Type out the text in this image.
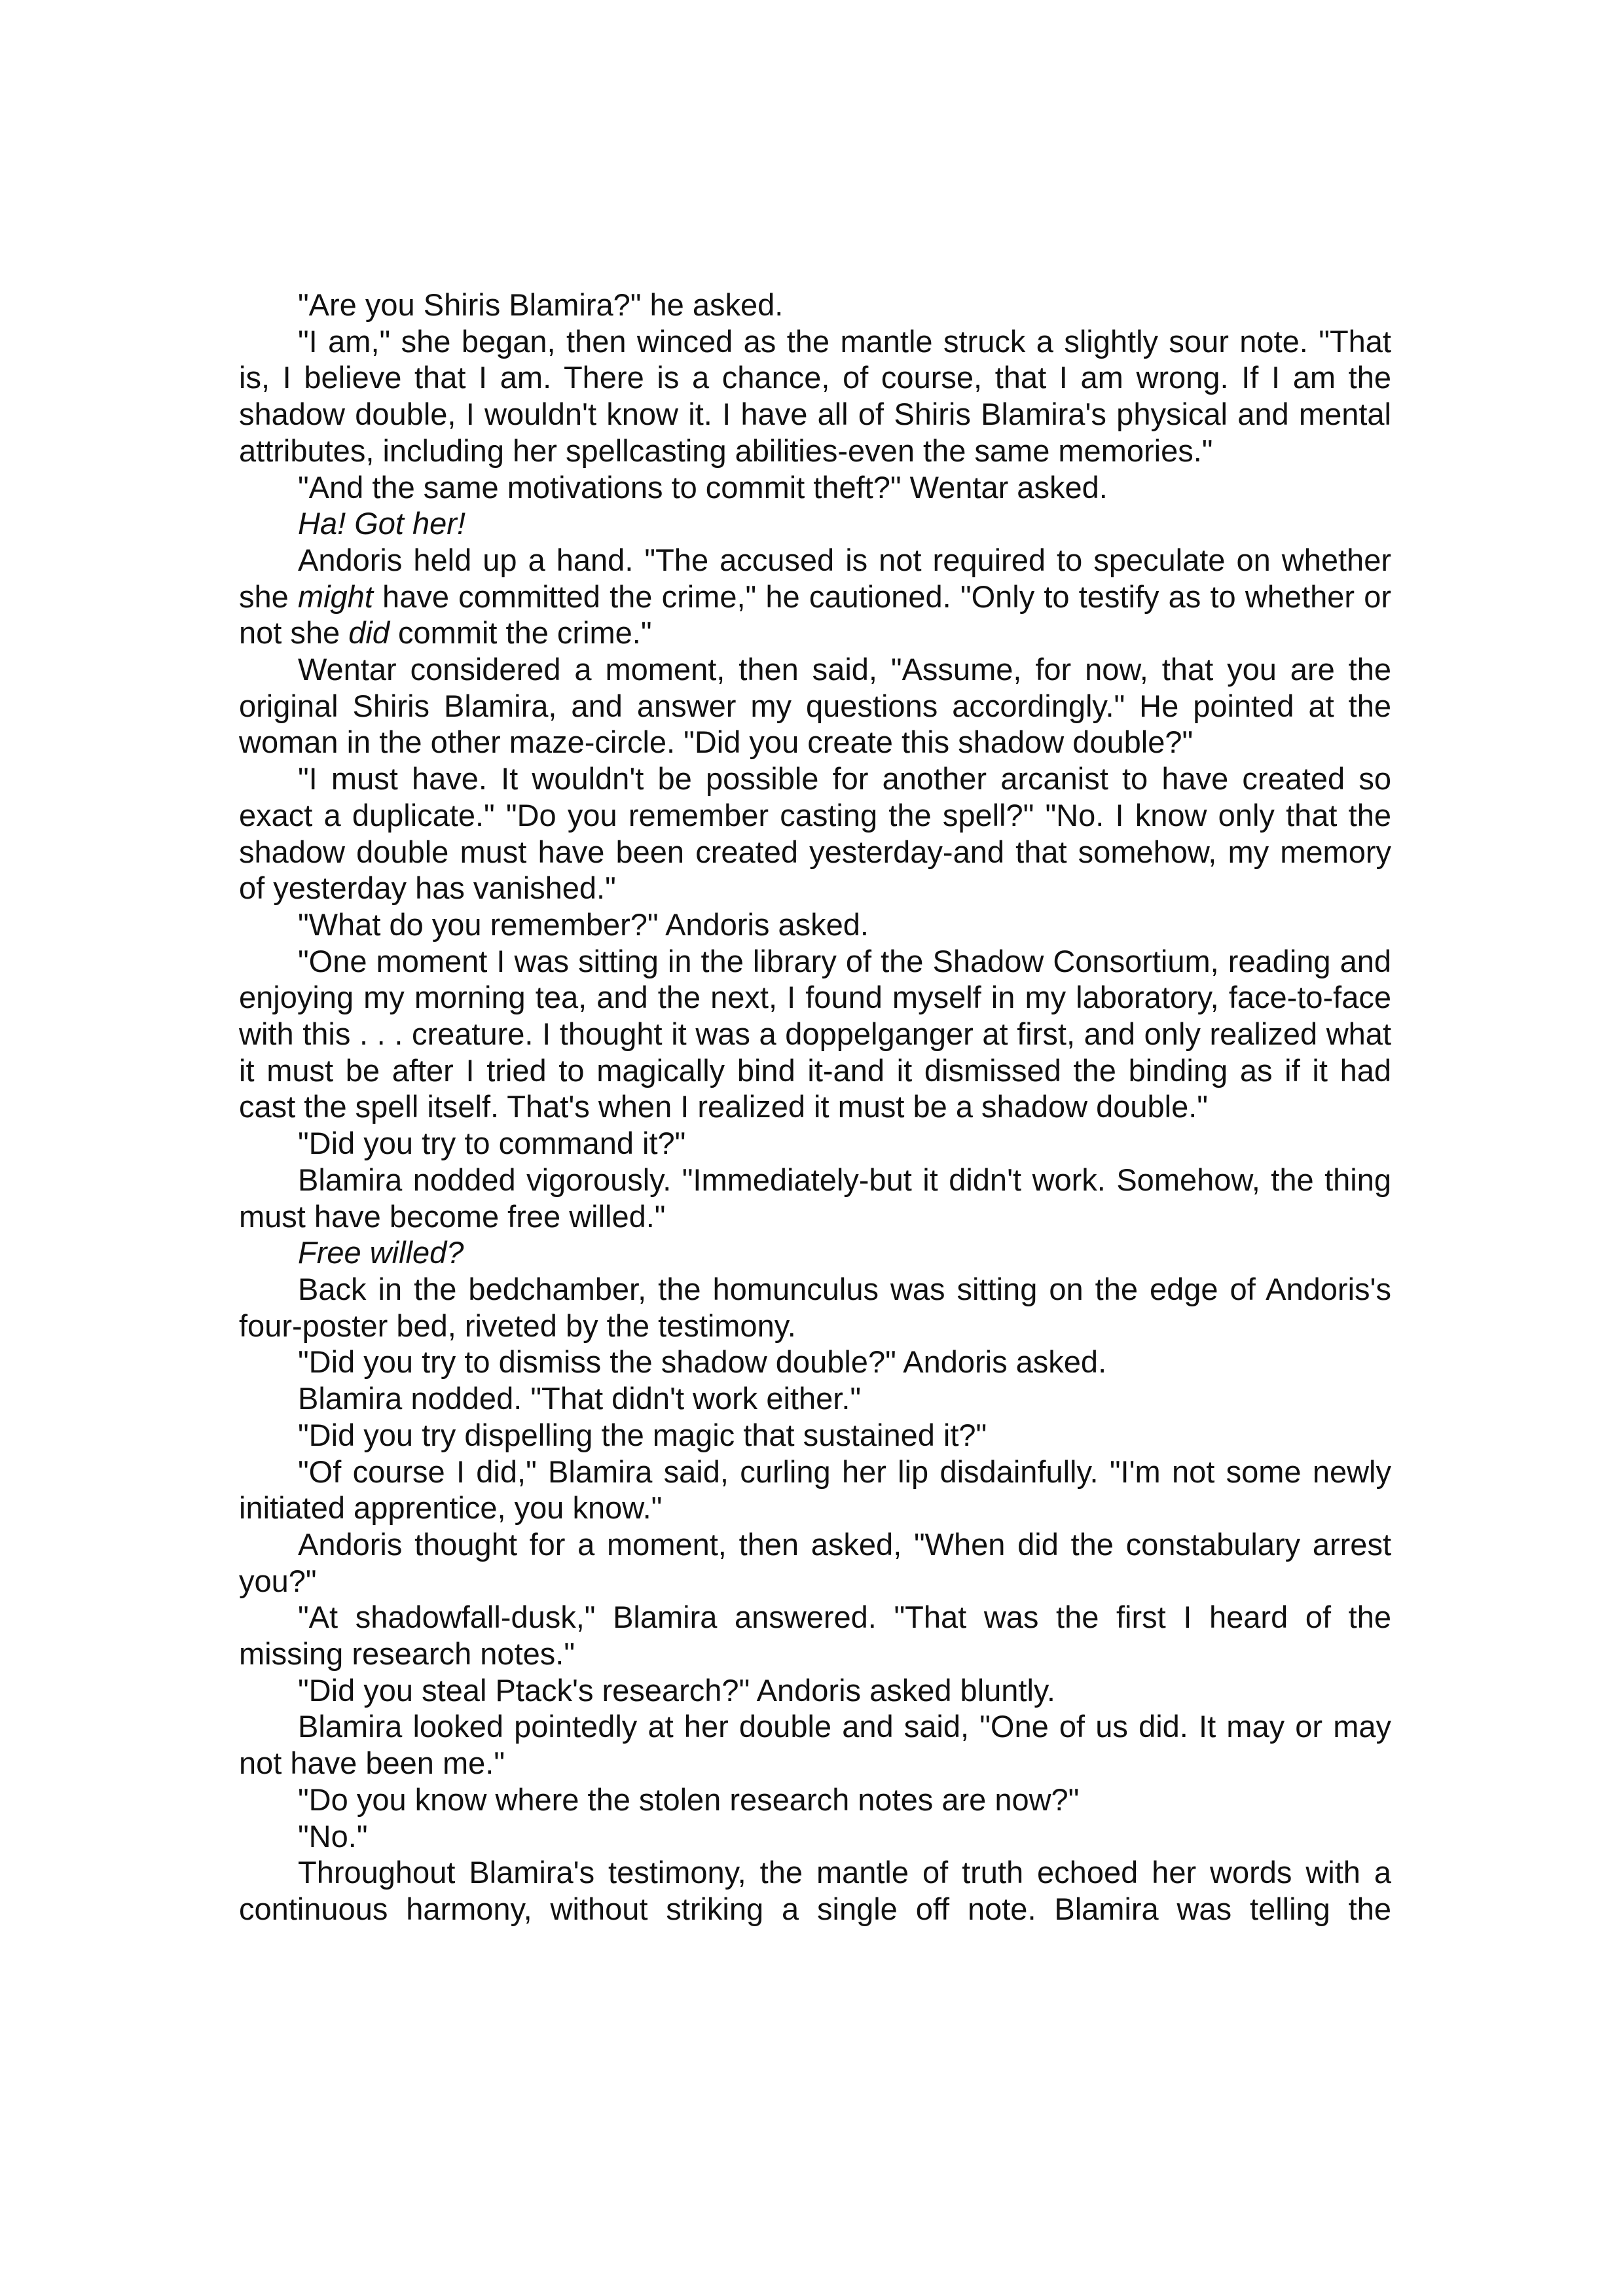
"Are you Shiris Blamira?" he asked.

"I am," she began, then winced as the mantle struck a slightly sour note. "That is, I believe that I am. There is a chance, of course, that I am wrong. If I am the shadow double, I wouldn't know it. I have all of Shiris Blamira's physical and mental attributes, including her spellcasting abilities-even the same memories."

"And the same motivations to commit theft?" Wentar asked.

Ha! Got her!

Andoris held up a hand. "The accused is not required to speculate on whether she might have committed the crime," he cautioned. "Only to testify as to whether or not she did commit the crime."

Wentar considered a moment, then said, "Assume, for now, that you are the original Shiris Blamira, and answer my questions accordingly." He pointed at the woman in the other maze-circle. "Did you create this shadow double?"

"I must have. It wouldn't be possible for another arcanist to have created so exact a duplicate." "Do you remember casting the spell?" "No. I know only that the shadow double must have been created yesterday-and that somehow, my memory of yesterday has vanished."

"What do you remember?" Andoris asked.

"One moment I was sitting in the library of the Shadow Consortium, reading and enjoying my morning tea, and the next, I found myself in my laboratory, face-to-face with this . . . creature. I thought it was a doppelganger at first, and only realized what it must be after I tried to magically bind it-and it dismissed the binding as if it had cast the spell itself. That's when I realized it must be a shadow double."

"Did you try to command it?"

Blamira nodded vigorously. "Immediately-but it didn't work. Somehow, the thing must have become free willed."

Free willed?

Back in the bedchamber, the homunculus was sitting on the edge of Andoris's four-poster bed, riveted by the testimony.

"Did you try to dismiss the shadow double?" Andoris asked.

Blamira nodded. "That didn't work either."

"Did you try dispelling the magic that sustained it?"

"Of course I did," Blamira said, curling her lip disdainfully. "I'm not some newly initiated apprentice, you know."

Andoris thought for a moment, then asked, "When did the constabulary arrest you?"

"At shadowfall-dusk," Blamira answered. "That was the first I heard of the missing research notes."

"Did you steal Ptack's research?" Andoris asked bluntly.

Blamira looked pointedly at her double and said, "One of us did. It may or may not have been me."

"Do you know where the stolen research notes are now?"

"No."

Throughout Blamira's testimony, the mantle of truth echoed her words with a continuous harmony, without striking a single off note. Blamira was telling the
